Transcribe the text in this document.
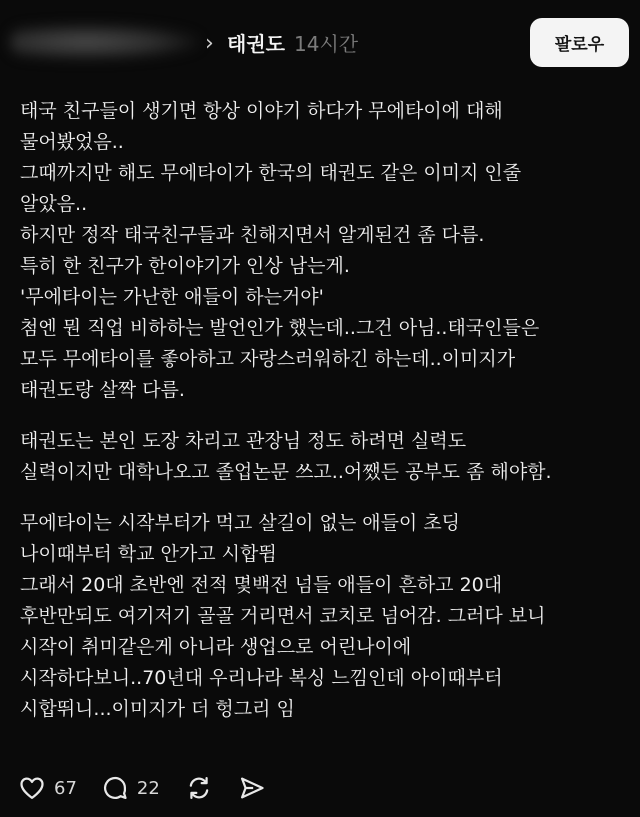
› 태권도 14시간	팔로우
태국 친구들이 생기면 항상 이야기 하다가 무에타이에 대해
물어봤었음..
그때까지만 해도 무에타이가 한국의 태권도 같은 이미지 인줄
알았음..
하지만 정작 태국친구들과 친해지면서 알게된건 좀 다름.
특히 한 친구가 한이야기가 인상 남는게.
'무에타이는 가난한 애들이 하는거야'
첨엔 뭔 직업 비하하는 발언인가 했는데..그건 아님..태국인들은
모두 무에타이를 좋아하고 자랑스러워하긴 하는데..이미지가
태권도랑 살짝 다름.
태권도는 본인 도장 차리고 관장님 정도 하려면 실력도
실력이지만 대학나오고 졸업논문 쓰고..어쨌든 공부도 좀 해야함.
무에타이는 시작부터가 먹고 살길이 없는 애들이 초딩
나이때부터 학교 안가고 시합뜀
그래서 20대 초반엔 전적 몇백전 넘들 애들이 흔하고 20대
후반만되도 여기저기 골골 거리면서 코치로 넘어감. 그러다 보니
시작이 취미같은게 아니라 생업으로 어린나이에
시작하다보니..70년대 우리나라 복싱 느낌인데 아이때부터
시합뛰니...이미지가 더 헝그리 임
67	22
